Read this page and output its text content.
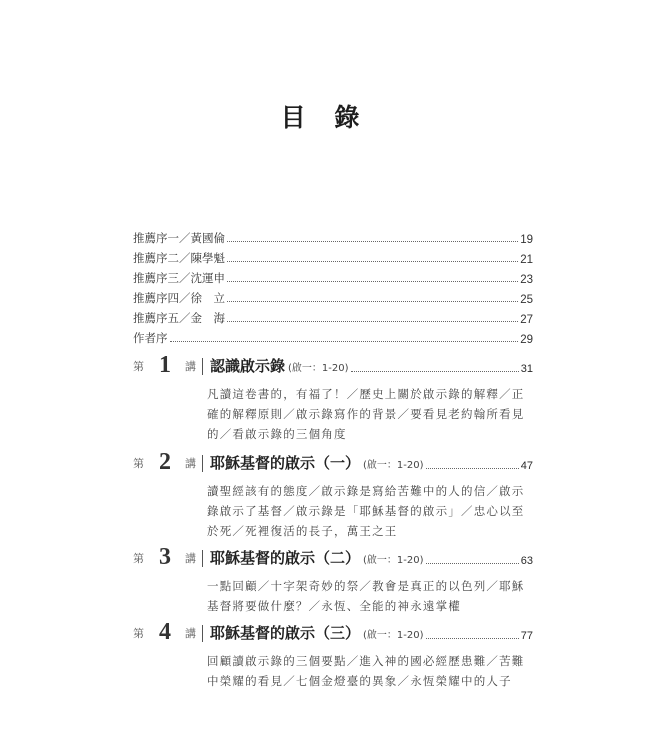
目 錄
推薦序一／黃國倫	19
推薦序二／陳學魁	21
推薦序三／沈運申	23
推薦序四／徐　立	25
推薦序五／金　海	27
作者序	29
第 1	講 認識啟示錄 (啟一：1-20)	31
凡讀這卷書的，有福了！／歷史上關於啟示錄的解釋／正確的解釋原則／啟示錄寫作的背景／要看見老約翰所看見的／看啟示錄的三個角度
第 2	講 耶穌基督的啟示（一） (啟一：1-20)	47
讀聖經該有的態度／啟示錄是寫給苦難中的人的信／啟示錄啟示了基督／啟示錄是「耶穌基督的啟示」／忠心以至於死／死裡復活的長子，萬王之王
第 3	講 耶穌基督的啟示（二） (啟一：1-20)	63
一點回顧／十字架奇妙的祭／教會是真正的以色列／耶穌基督將要做什麼？／永恆、全能的神永遠掌權
第 4	講 耶穌基督的啟示（三） (啟一：1-20)	77
回顧讀啟示錄的三個要點／進入神的國必經歷患難／苦難中榮耀的看見／七個金燈臺的異象／永恆榮耀中的人子
